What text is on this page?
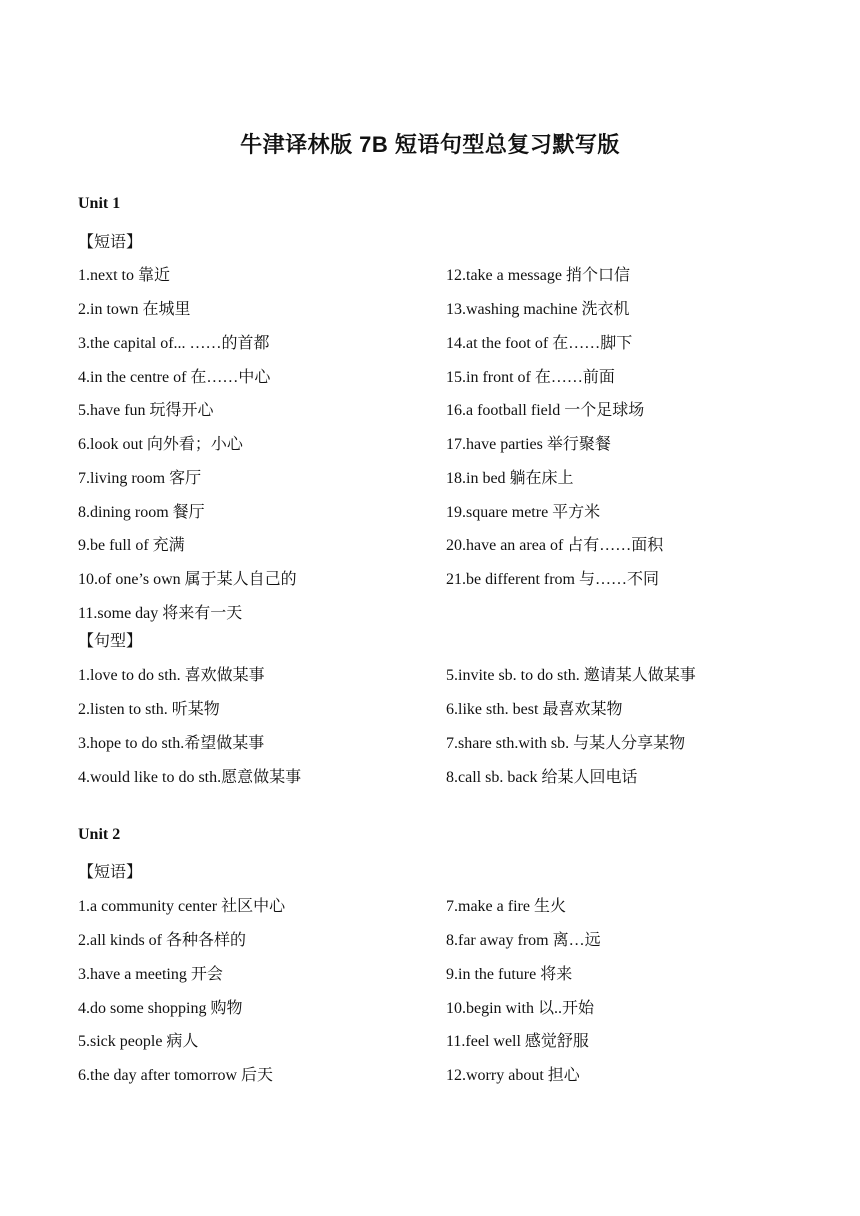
牛津译林版 7B 短语句型总复习默写版
Unit 1
【短语】
1.next to 靠近	12.take a message 捎个口信
2.in town 在城里	13.washing machine 洗衣机
3.the capital of... ……的首都	14.at the foot of 在……脚下
4.in the centre of 在……中心	15.in front of 在……前面
5.have fun 玩得开心	16.a football field 一个足球场
6.look out 向外看；小心	17.have parties 举行聚餐
7.living room 客厅	18.in bed 躺在床上
8.dining room 餐厅	19.square metre 平方米
9.be full of 充满	20.have an area of 占有……面积
10.of one’s own 属于某人自己的	21.be different from 与……不同
11.some day 将来有一天
【句型】
1.love to do sth. 喜欢做某事	5.invite sb. to do sth. 邀请某人做某事
2.listen to sth. 听某物	6.like sth. best 最喜欢某物
3.hope to do sth.希望做某事	7.share sth.with sb. 与某人分享某物
4.would like to do sth.愿意做某事	8.call sb. back 给某人回电话
Unit 2
【短语】
1.a community center 社区中心	7.make a fire 生火
2.all kinds of 各种各样的	8.far away from 离…远
3.have a meeting 开会	9.in the future 将来
4.do some shopping 购物	10.begin with 以..开始
5.sick people 病人	11.feel well 感觉舒服
6.the day after tomorrow 后天	12.worry about 担心
